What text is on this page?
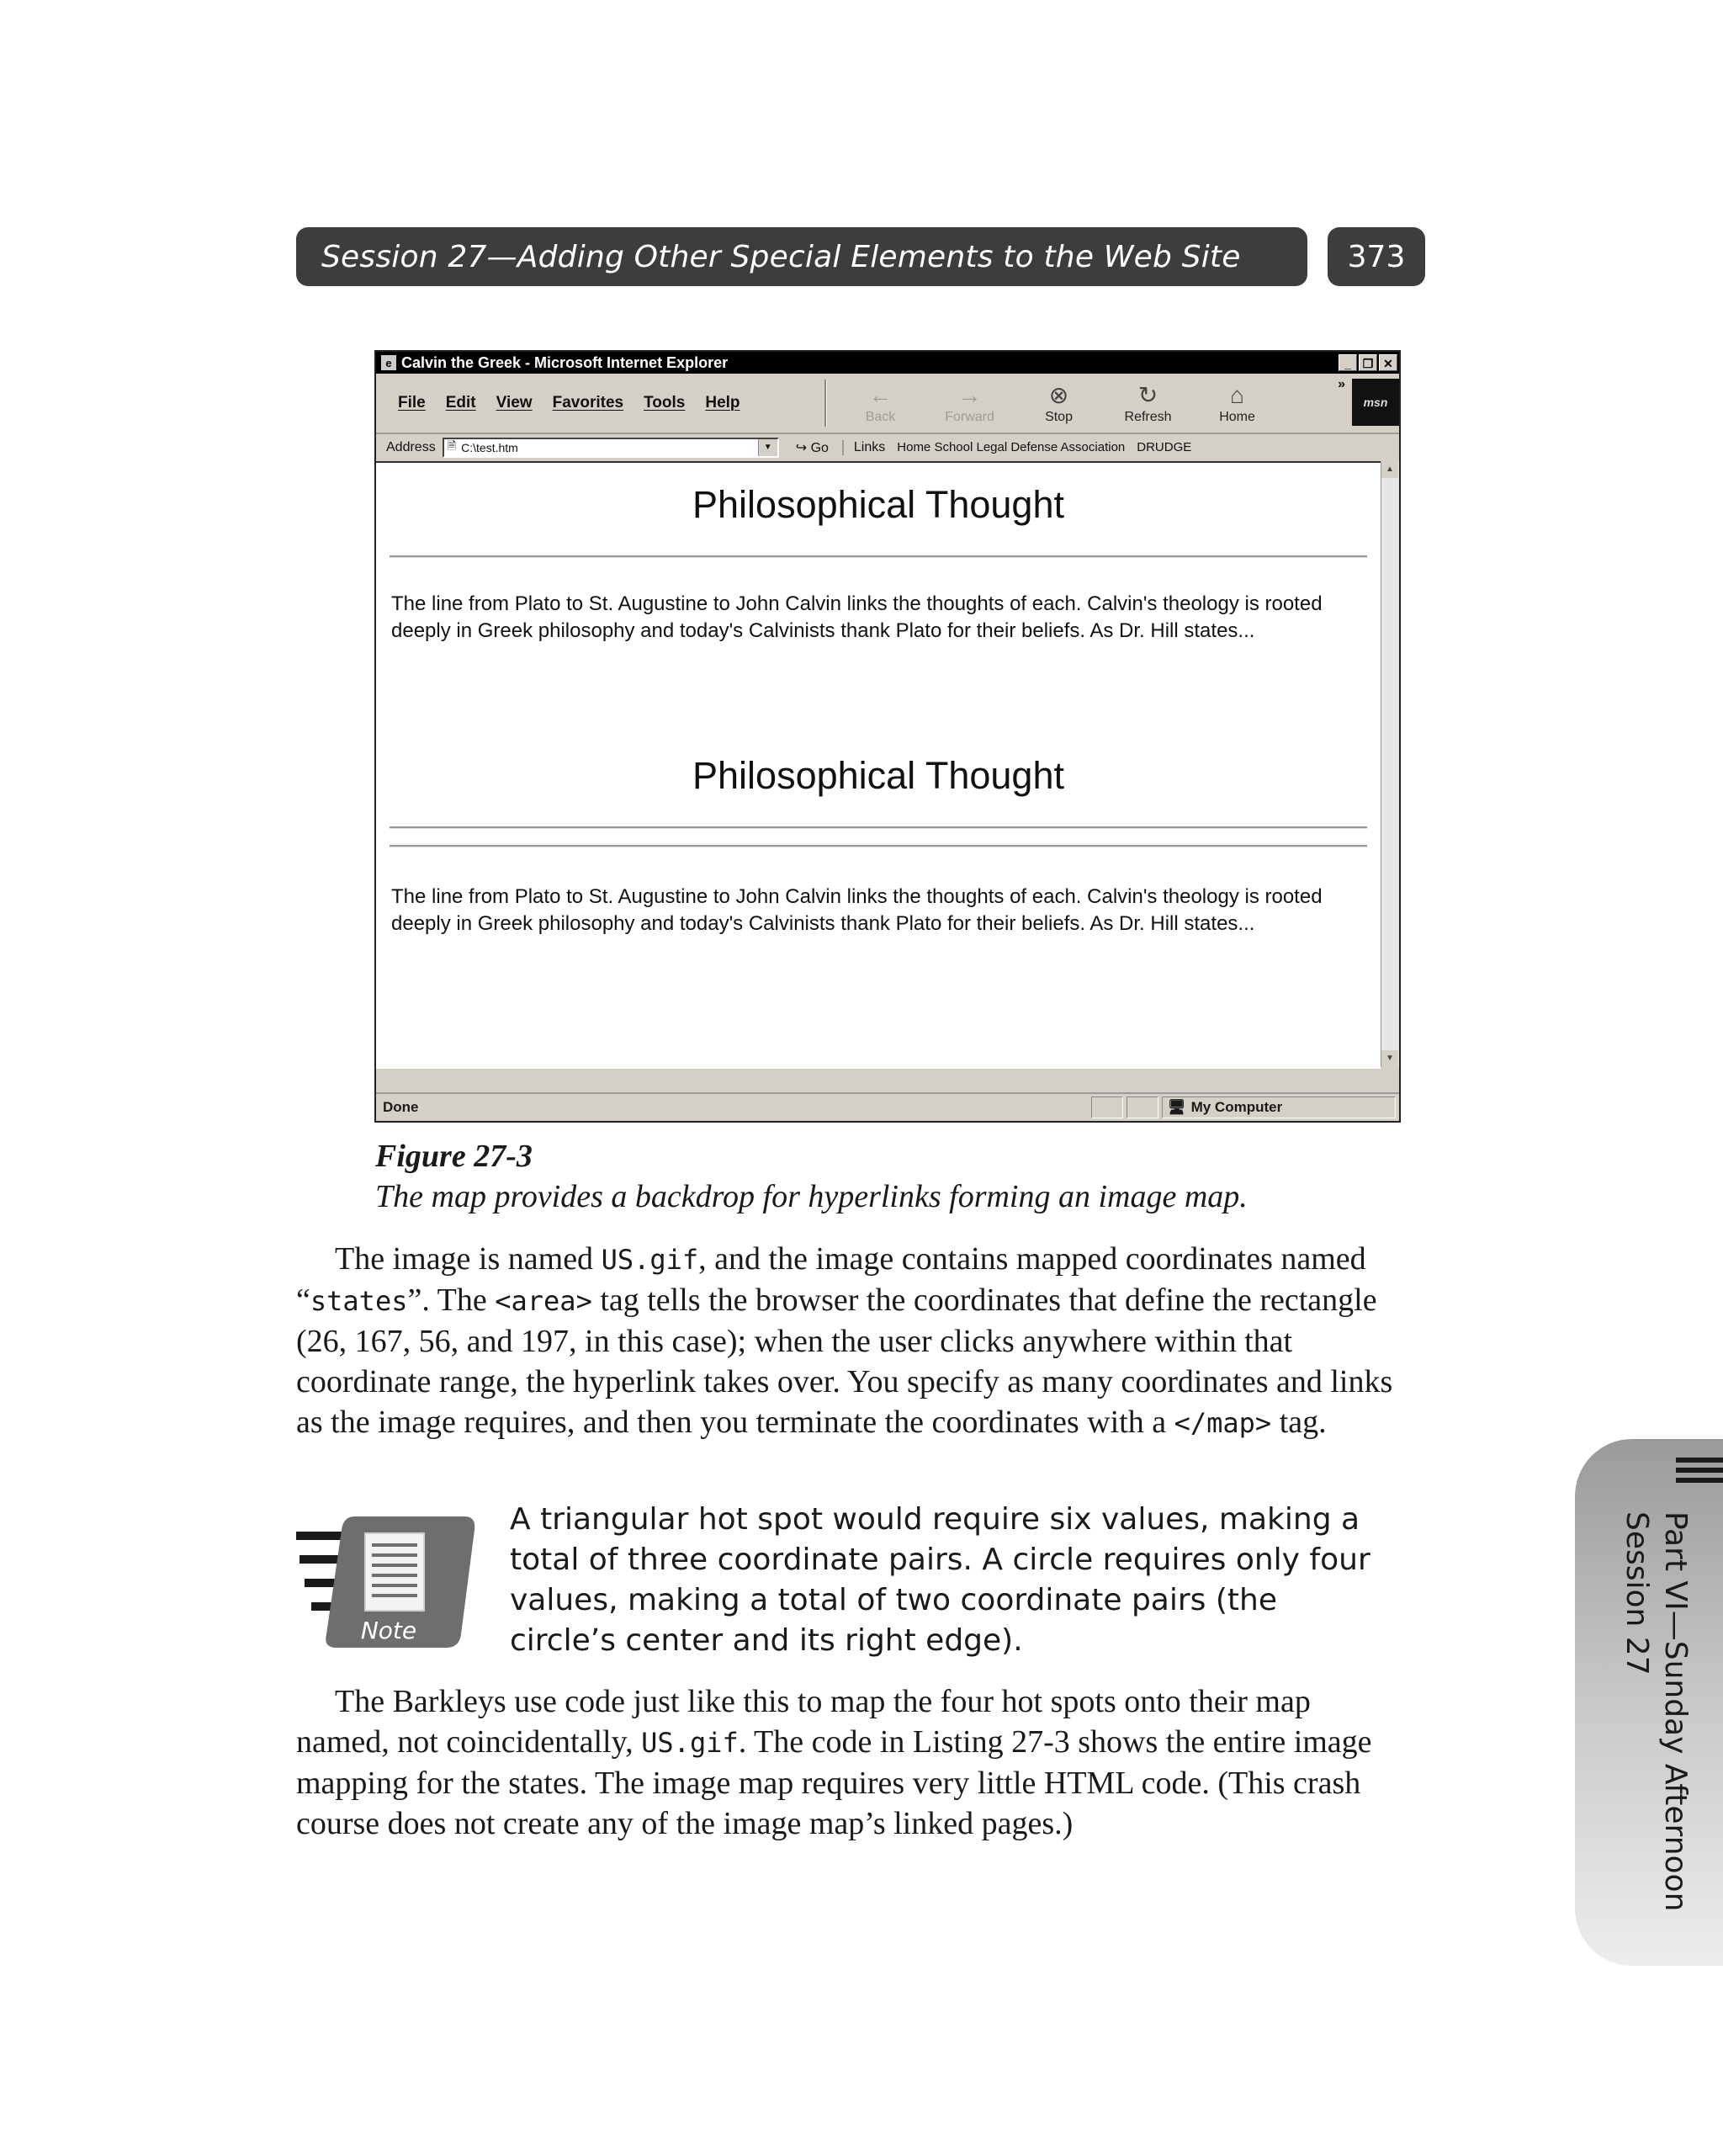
Session 27—Adding Other Special Elements to the Web Site	373
e Calvin the Greek - Microsoft Internet Explorer	_ ❐ ✕
File Edit View Favorites Tools Help	←
Back
→
Forward
⊗
Stop
↻
Refresh
⌂
Home
»
msn
Address	🗎 C:\test.htm	▼	↪ Go Links Home School Legal Defense Association DRUDGE
Philosophical Thought
The line from Plato to St. Augustine to John Calvin links the thoughts of each. Calvin's theology is rooted deeply in Greek philosophy and today's Calvinists thank Plato for their beliefs. As Dr. Hill states...
Philosophical Thought
The line from Plato to St. Augustine to John Calvin links the thoughts of each. Calvin's theology is rooted deeply in Greek philosophy and today's Calvinists thank Plato for their beliefs. As Dr. Hill states...
▲
▼
Done	🖥 My Computer
Figure 27-3
The map provides a backdrop for hyperlinks forming an image map.

The image is named US.gif, and the image contains mapped coordinates named “states”. The <area> tag tells the browser the coordinates that define the rectangle (26, 167, 56, and 197, in this case); when the user clicks anywhere within that coordinate range, the hyperlink takes over. You specify as many coordinates and links as the image requires, and then you terminate the coordinates with a </map> tag.

Note
A triangular hot spot would require six values, making a total of three coordinate pairs. A circle requires only four values, making a total of two coordinate pairs (the circle’s center and its right edge).

The Barkleys use code just like this to map the four hot spots onto their map named, not coincidentally, US.gif. The code in Listing 27-3 shows the entire image mapping for the states. The image map requires very little HTML code. (This crash course does not create any of the image map’s linked pages.)	Part VI—Sunday Afternoon
Session 27
